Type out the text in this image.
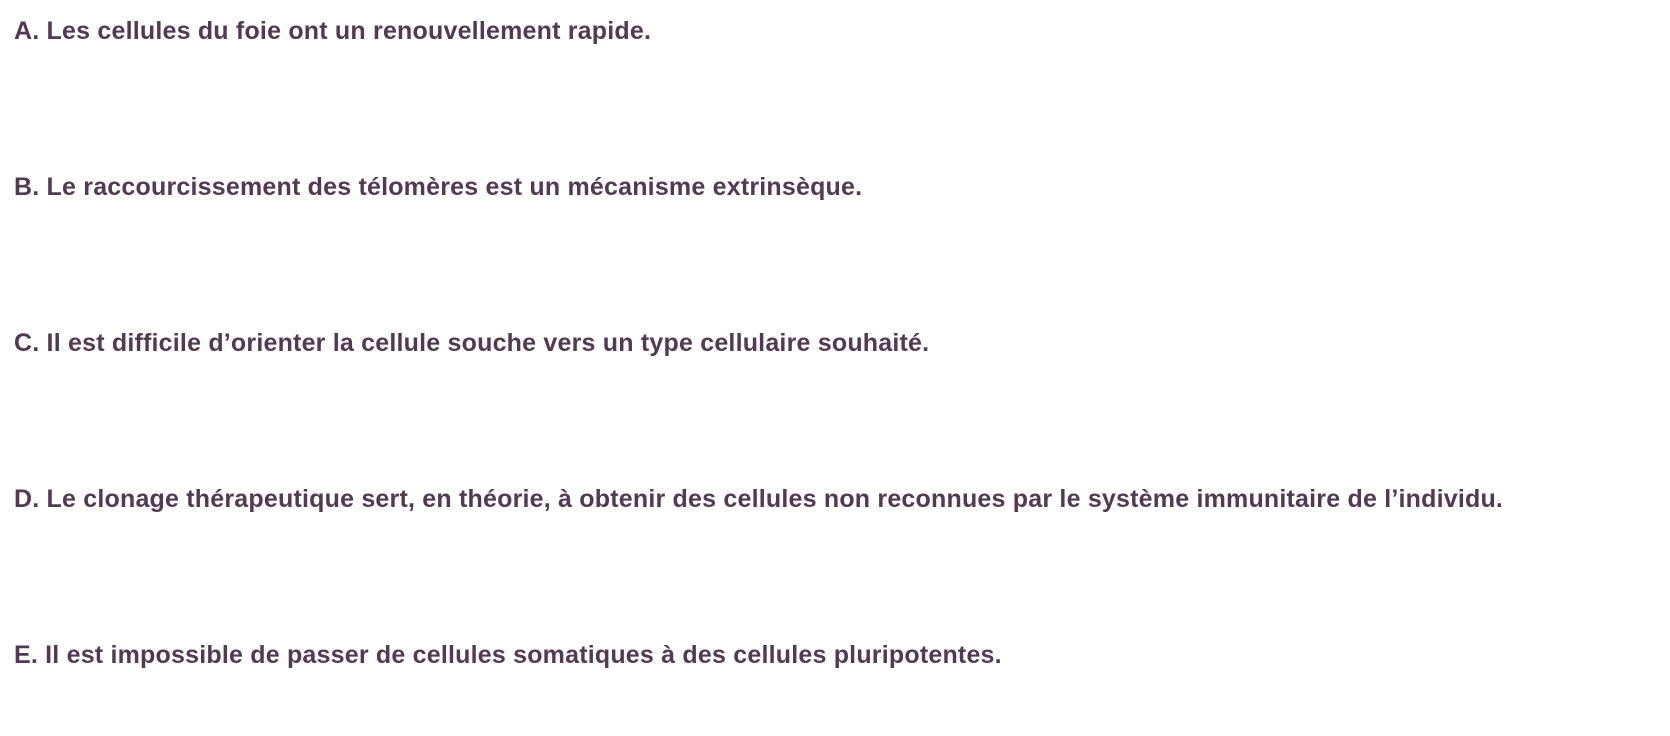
A. Les cellules du foie ont un renouvellement rapide.

B. Le raccourcissement des télomères est un mécanisme extrinsèque.

C. Il est difficile d’orienter la cellule souche vers un type cellulaire souhaité.

D. Le clonage thérapeutique sert, en théorie, à obtenir des cellules non reconnues par le système immunitaire de l’individu.

E. Il est impossible de passer de cellules somatiques à des cellules pluripotentes.
